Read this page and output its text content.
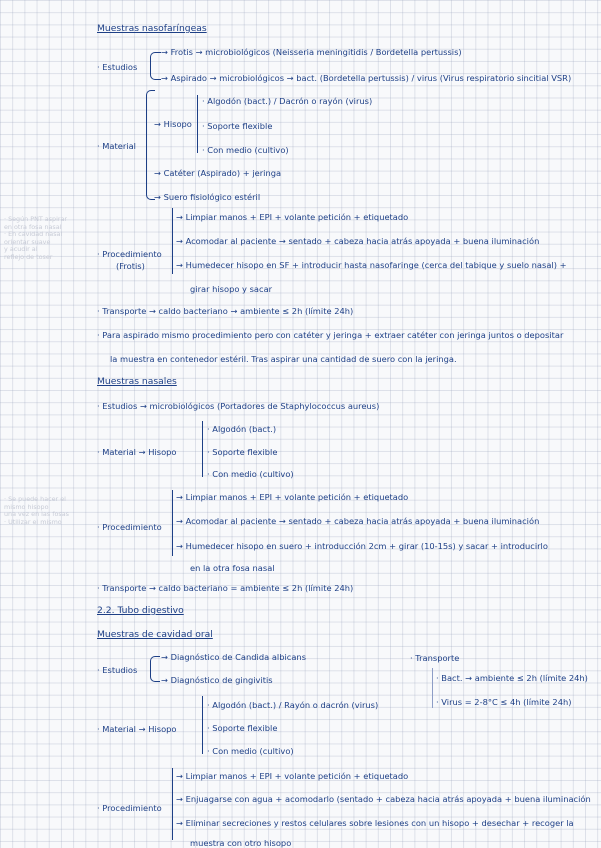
· Según PNT aspirar
en otra fosa nasal
· En cavidad nasal
orientar suave
y acudir al
reflejo de toser
· Se puede hacer el
mismo hisopo
una vez en las fosas
· Utilizar el mismo
Muestras nasofaríngeas
· Estudios
→ Frotis → microbiológicos (Neisseria meningitidis / Bordetella pertussis)
→ Aspirado → microbiológicos → bact. (Bordetella pertussis) / virus (Virus respiratorio sincitial VSR)
· Material
→ Hisopo
· Algodón (bact.) / Dacrón o rayón (virus)
· Soporte flexible
· Con medio (cultivo)
→ Catéter (Aspirado) + jeringa
→ Suero fisiológico estéril
· Procedimiento
(Frotis)
→ Limpiar manos + EPI + volante petición + etiquetado
→ Acomodar al paciente → sentado + cabeza hacia atrás apoyada + buena iluminación
→ Humedecer hisopo en SF + introducir hasta nasofaringe (cerca del tabique y suelo nasal) +
girar hisopo y sacar
· Transporte → caldo bacteriano → ambiente ≤ 2h (límite 24h)
· Para aspirado mismo procedimiento pero con catéter y jeringa + extraer catéter con jeringa juntos o depositar
la muestra en contenedor estéril. Tras aspirar una cantidad de suero con la jeringa.
Muestras nasales
· Estudios → microbiológicos (Portadores de Staphylococcus aureus)
· Material → Hisopo
· Algodón (bact.)
· Soporte flexible
· Con medio (cultivo)
· Procedimiento
→ Limpiar manos + EPI + volante petición + etiquetado
→ Acomodar al paciente → sentado + cabeza hacia atrás apoyada + buena iluminación
→ Humedecer hisopo en suero + introducción 2cm + girar (10-15s) y sacar + introducirlo
en la otra fosa nasal
· Transporte → caldo bacteriano = ambiente ≤ 2h (límite 24h)
2.2. Tubo digestivo
Muestras de cavidad oral
· Estudios
→ Diagnóstico de Candida albicans
→ Diagnóstico de gingivitis
· Transporte
· Bact. → ambiente ≤ 2h (límite 24h)
· Virus = 2-8°C ≤ 4h (límite 24h)
· Material → Hisopo
· Algodón (bact.) / Rayón o dacrón (virus)
· Soporte flexible
· Con medio (cultivo)
· Procedimiento
→ Limpiar manos + EPI + volante petición + etiquetado
→ Enjuagarse con agua + acomodarlo (sentado + cabeza hacia atrás apoyada + buena iluminación
→ Eliminar secreciones y restos celulares sobre lesiones con un hisopo + desechar + recoger la
muestra con otro hisopo
